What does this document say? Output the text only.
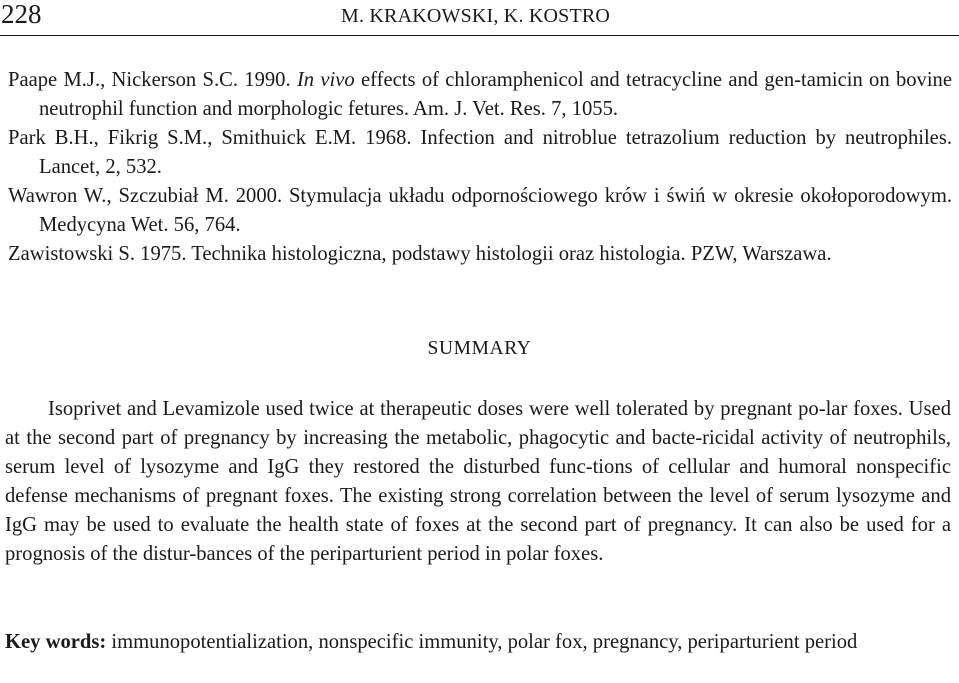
228	M. KRAKOWSKI, K. KOSTRO

Paape M.J., Nickerson S.C. 1990. In vivo effects of chloramphenicol and tetracycline and gen-tamicin on bovine neutrophil function and morphologic fetures. Am. J. Vet. Res. 7, 1055.

Park B.H., Fikrig S.M., Smithuick E.M. 1968. Infection and nitroblue tetrazolium reduction by neutrophiles. Lancet, 2, 532.

Wawron W., Szczubiał M. 2000. Stymulacja układu odpornościowego krów i świń w okresie okołoporodowym. Medycyna Wet. 56, 764.

Zawistowski S. 1975. Technika histologiczna, podstawy histologii oraz histologia. PZW, Warszawa.

SUMMARY

Isoprivet and Levamizole used twice at therapeutic doses were well tolerated by pregnant po-lar foxes. Used at the second part of pregnancy by increasing the metabolic, phagocytic and bacte-ricidal activity of neutrophils, serum level of lysozyme and IgG they restored the disturbed func-tions of cellular and humoral nonspecific defense mechanisms of pregnant foxes. The existing strong correlation between the level of serum lysozyme and IgG may be used to evaluate the health state of foxes at the second part of pregnancy. It can also be used for a prognosis of the distur-bances of the periparturient period in polar foxes.

Key words: immunopotentialization, nonspecific immunity, polar fox, pregnancy, periparturient period
